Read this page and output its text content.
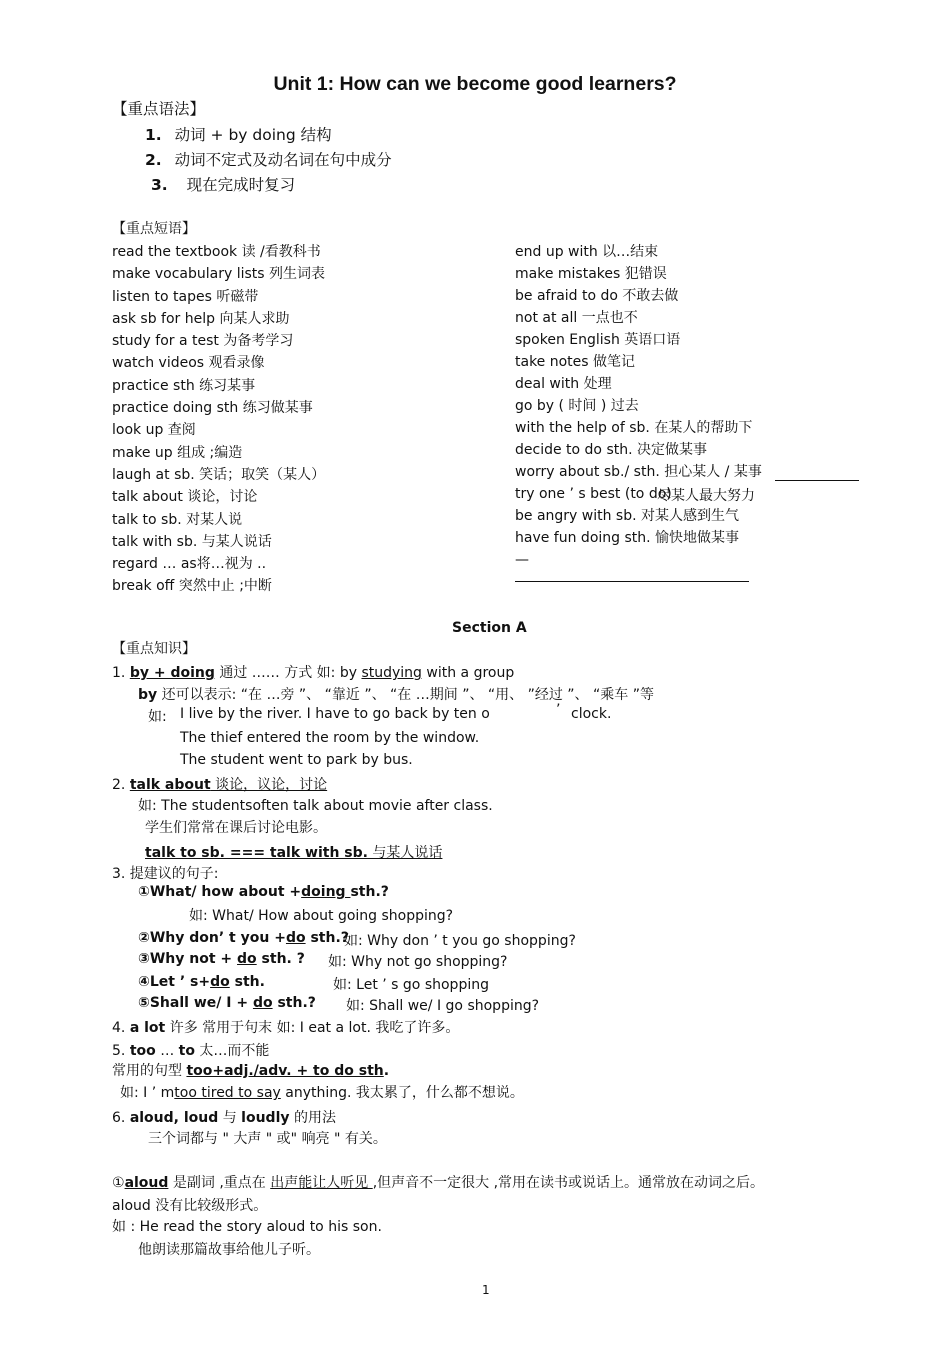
Unit 1: How can we become good learners?
【重点语法】
1. 动词 + by doing 结构
2. 动词不定式及动名词在句中成分
3. 现在完成时复习
【重点短语】
read the textbook 读 /看教科书
make vocabulary lists 列生词表
listen to tapes 听磁带
ask sb for help 向某人求助
study for a test 为备考学习
watch videos 观看录像
practice sth 练习某事
practice doing sth 练习做某事
look up 查阅
make up 组成 ;编造
laugh at sb. 笑话；取笑（某人）
talk about 谈论，讨论
talk to sb. 对某人说
talk with sb. 与某人说话
regard … as将…视为 ..
break off 突然中止 ;中断
end up with 以…结束
make mistakes 犯错误
be afraid to do 不敢去做
not at all 一点也不
spoken English 英语口语
take notes 做笔记
deal with 处理
go by ( 时间 ) 过去
with the help of sb. 在某人的帮助下
decide to do sth. 决定做某事
worry about sb./ sth. 担心某人 / 某事
try one ’ s best (to do)
be angry with sb. 对某人感到生气
have fun doing sth. 愉快地做某事
—
尽某人最大努力
Section A
【重点知识】
1. by + doing 通过 …… 方式 如: by studying with a group
by 还可以表示: “在 …旁 ”、 “靠近 ”、 “在 …期间 ”、 “用、 ”经过 ”、 “乘车 ”等
如: I live by the river. I have to go back by ten o	’ clock.
The thief entered the room by the window.
The student went to park by bus.
2. talk about 谈论，议论，讨论
如: The studentsoften talk about movie after class.
学生们常常在课后讨论电影。
talk to sb. === talk with sb. 与某人说话
3. 提建议的句子:
①What/ how about +doing sth.?
如: What/ How about going shopping?
②Why don’ t you +do sth.?
如: Why don ’ t you go shopping?
③Why not + do sth. ? 如: Why not go shopping?
④Let ’ s+do sth.	如: Let ’ s go shopping
⑤Shall we/ I + do sth.? 如: Shall we/ I go shopping?
4. a lot 许多 常用于句末 如: I eat a lot. 我吃了许多。
5. too … to 太…而不能
常用的句型 too+adj./adv. + to do sth.
如: I ’ mtoo tired to say anything. 我太累了，什么都不想说。
6. aloud, loud 与 loudly 的用法
三个词都与 " 大声 " 或" 响亮 " 有关。
①aloud 是副词 ,重点在 出声能让人听见 ,但声音不一定很大 ,常用在读书或说话上。通常放在动词之后。
aloud 没有比较级形式。
如 : He read the story aloud to his son.
他朗读那篇故事给他儿子听。
1
